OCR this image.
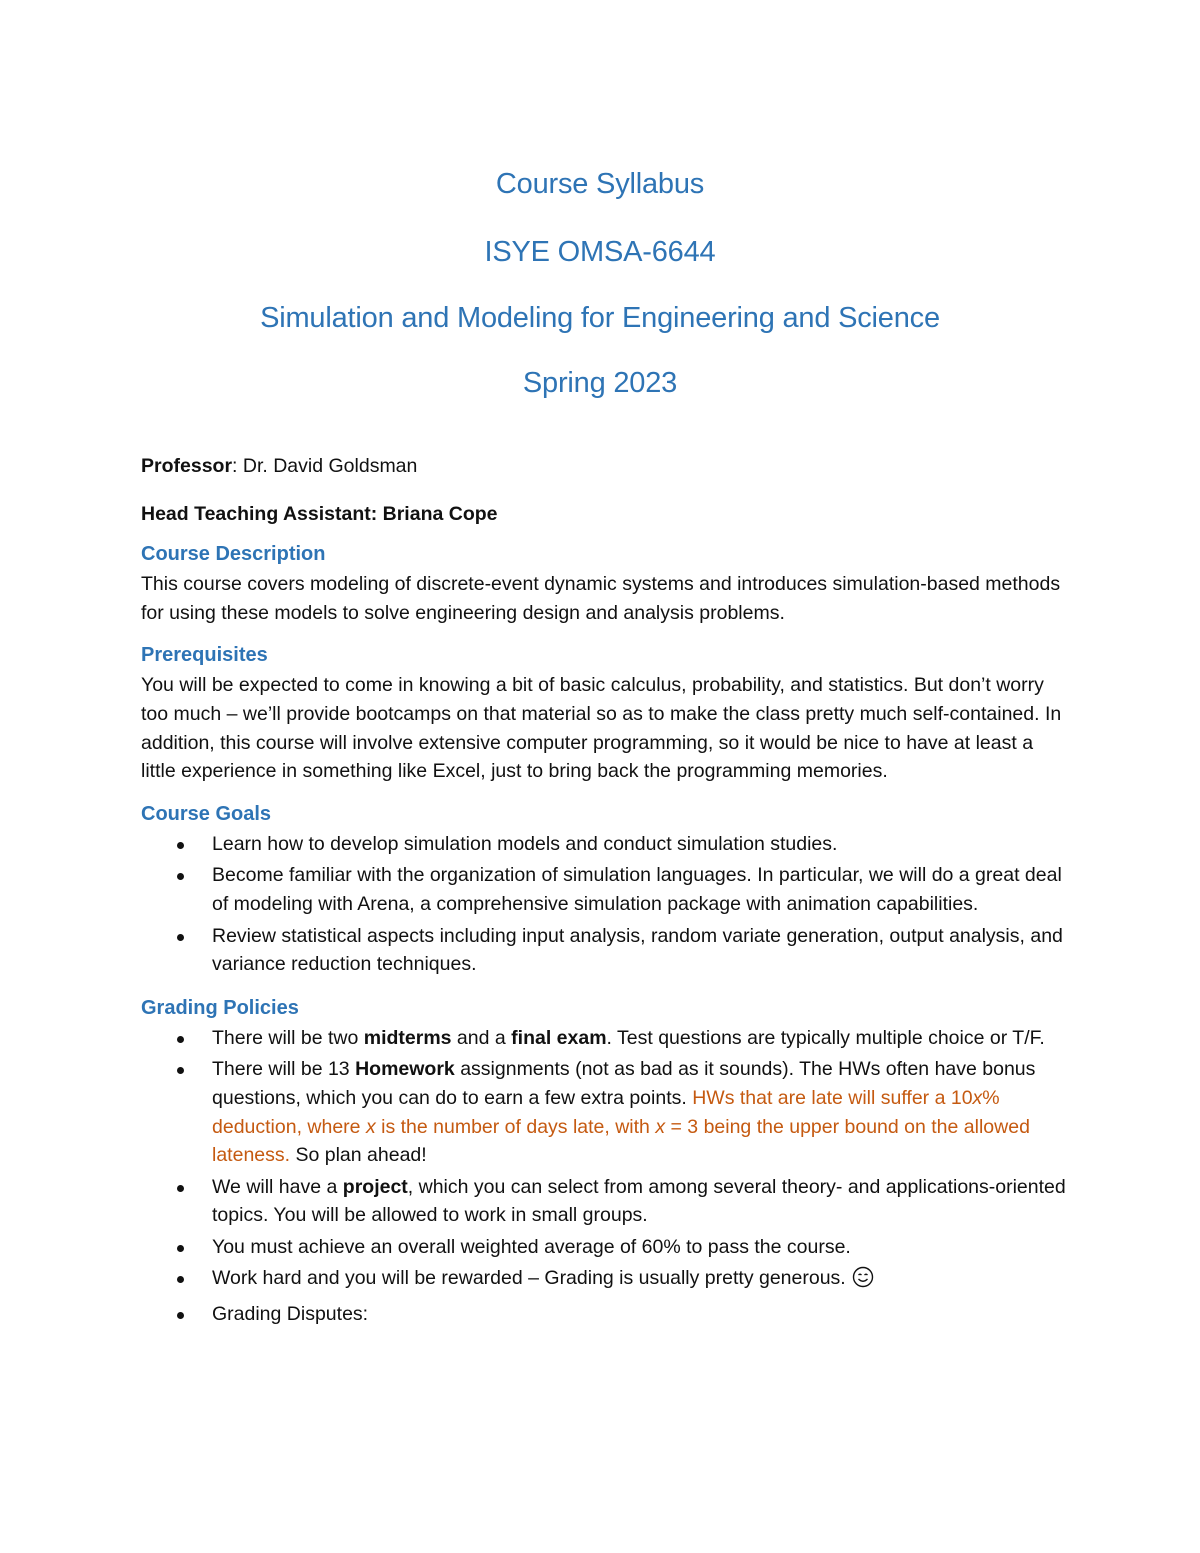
Course Syllabus
ISYE OMSA-6644
Simulation and Modeling for Engineering and Science
Spring 2023
Professor: Dr. David Goldsman
Head Teaching Assistant: Briana Cope
Course Description
This course covers modeling of discrete-event dynamic systems and introduces simulation-based methods for using these models to solve engineering design and analysis problems.
Prerequisites
You will be expected to come in knowing a bit of basic calculus, probability, and statistics. But don’t worry too much – we’ll provide bootcamps on that material so as to make the class pretty much self-contained. In addition, this course will involve extensive computer programming, so it would be nice to have at least a little experience in something like Excel, just to bring back the programming memories.
Course Goals
Learn how to develop simulation models and conduct simulation studies.
Become familiar with the organization of simulation languages. In particular, we will do a great deal of modeling with Arena, a comprehensive simulation package with animation capabilities.
Review statistical aspects including input analysis, random variate generation, output analysis, and variance reduction techniques.
Grading Policies
There will be two midterms and a final exam. Test questions are typically multiple choice or T/F.
There will be 13 Homework assignments (not as bad as it sounds). The HWs often have bonus questions, which you can do to earn a few extra points. HWs that are late will suffer a 10x% deduction, where x is the number of days late, with x = 3 being the upper bound on the allowed lateness. So plan ahead!
We will have a project, which you can select from among several theory- and applications-oriented topics. You will be allowed to work in small groups.
You must achieve an overall weighted average of 60% to pass the course.
Work hard and you will be rewarded – Grading is usually pretty generous.
Grading Disputes:
